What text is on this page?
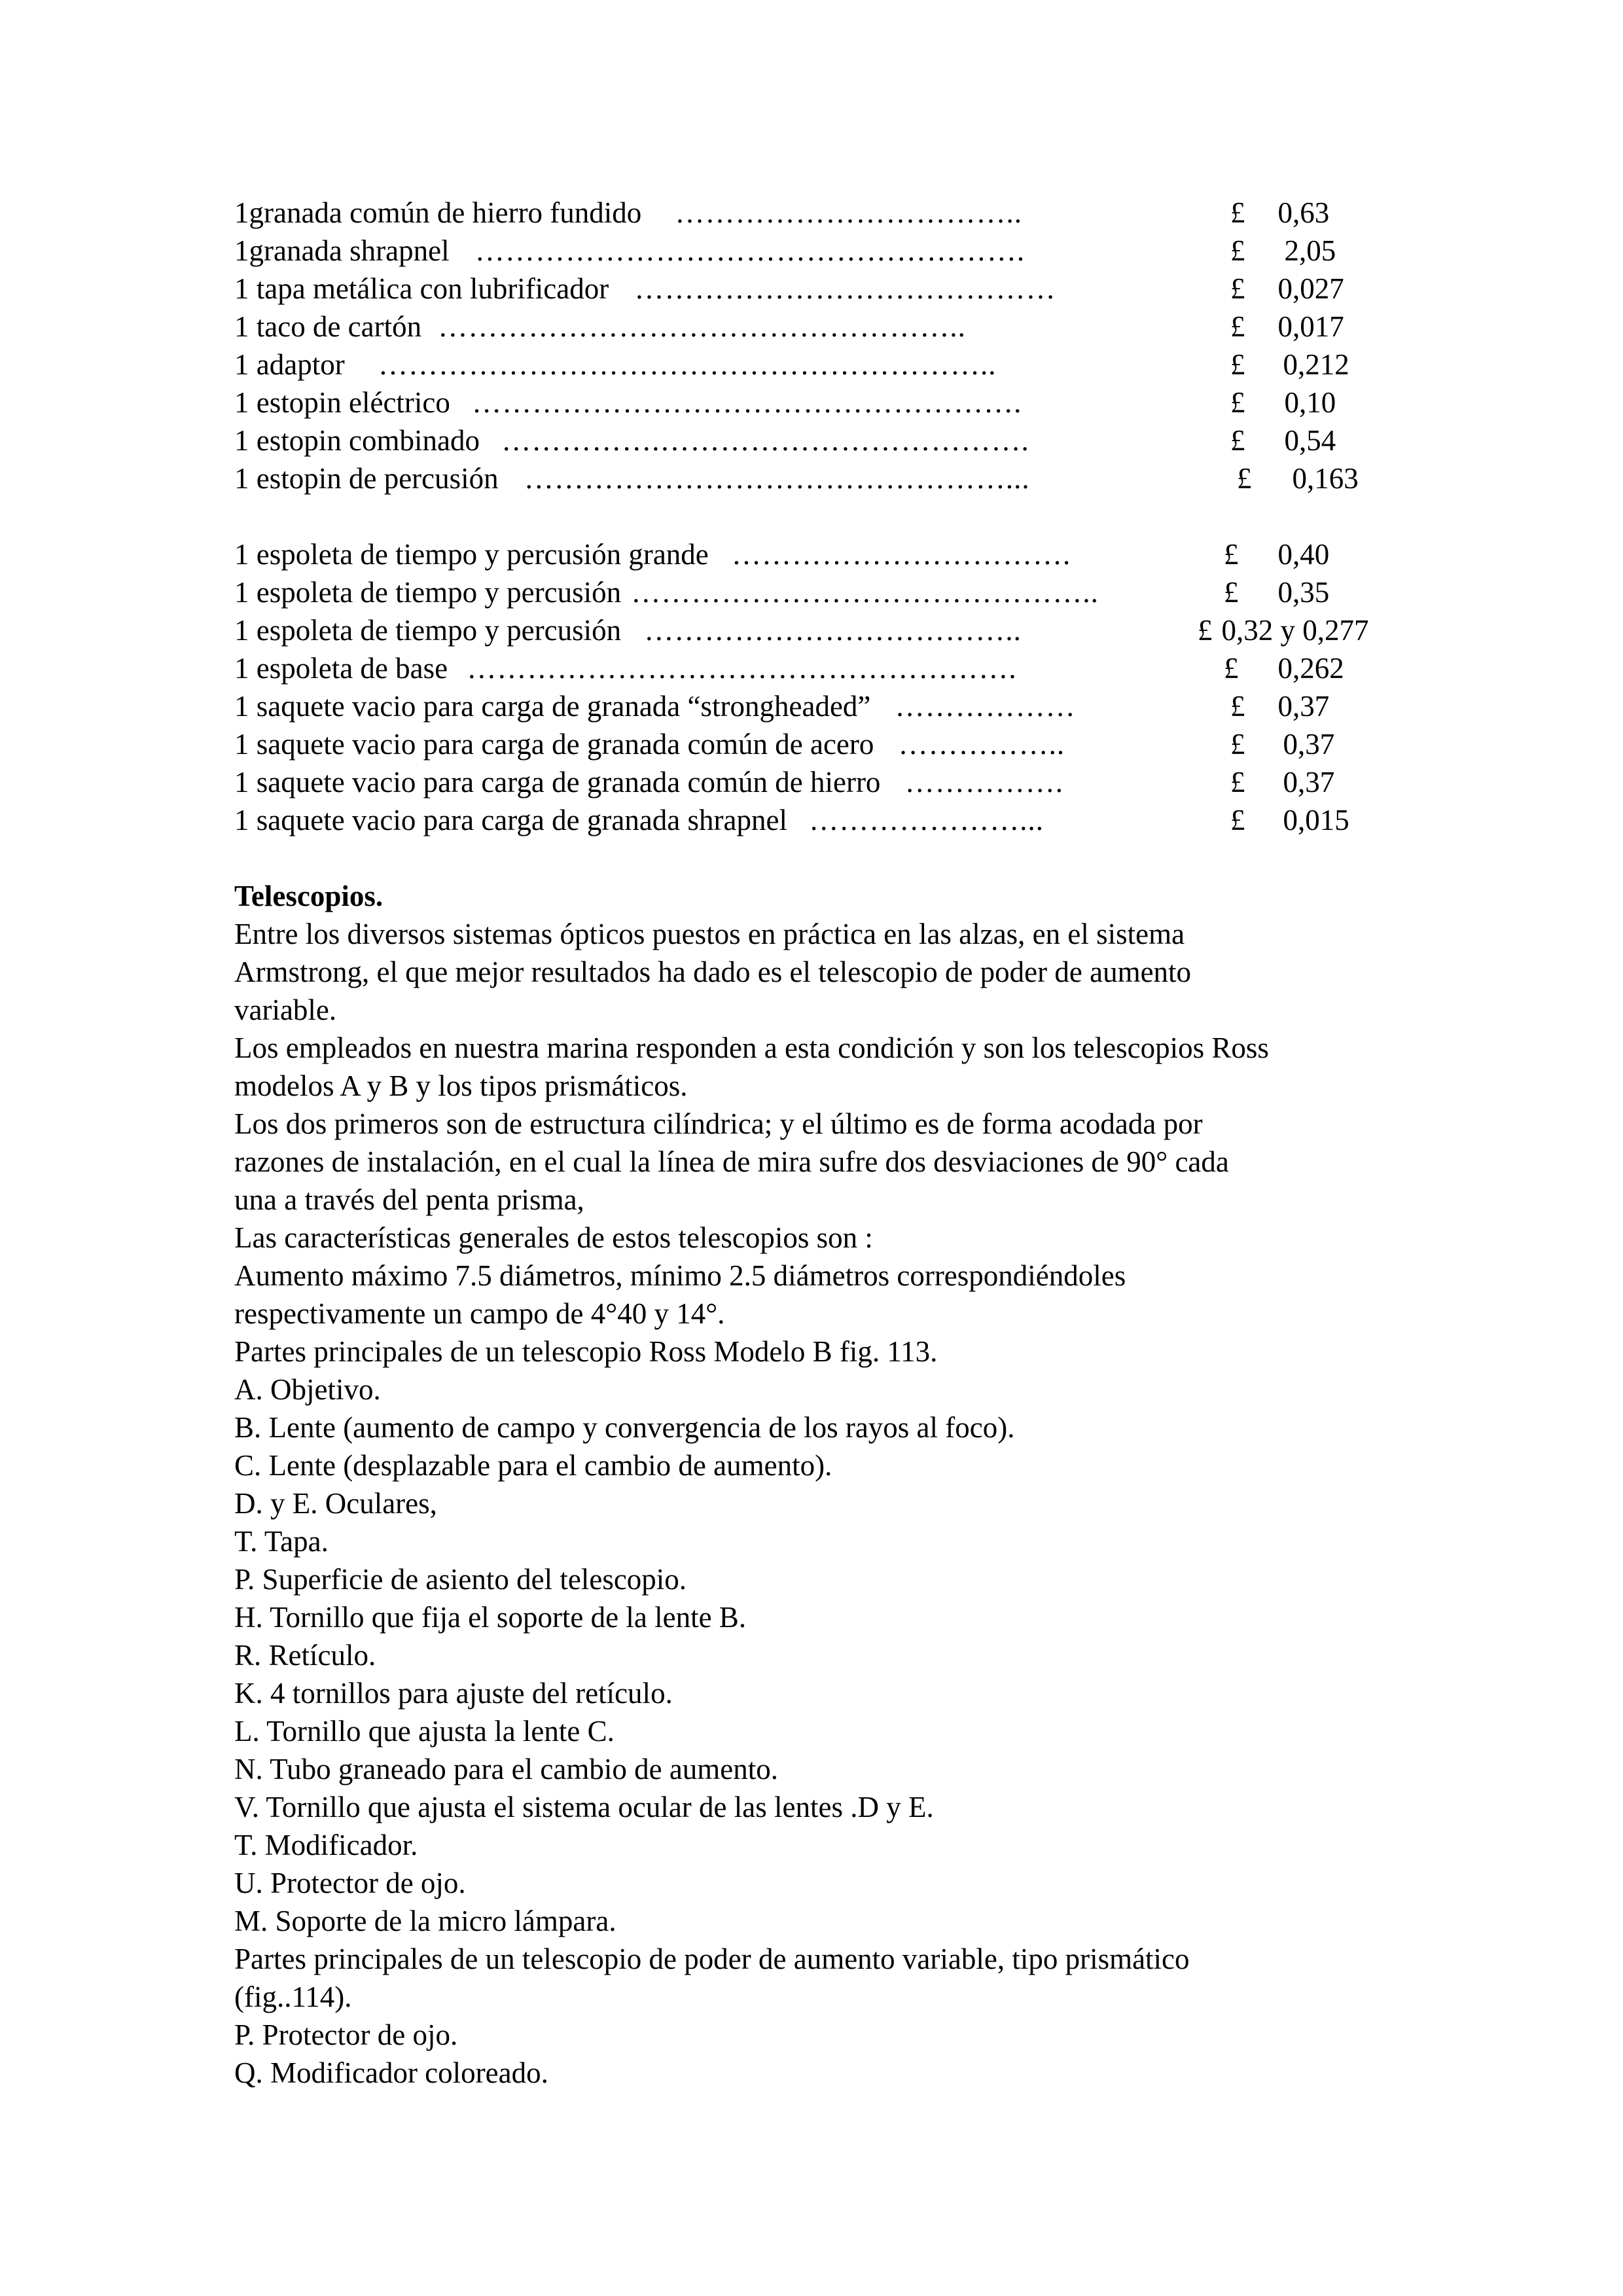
1granada común de hierro fundido ……………………………..	£ 0,63
1granada shrapnel ……………………………………………….	£ 2,05
1 tapa metálica con lubrificador ……………………………………	£ 0,027
1 taco de cartón ……………………………………………..	£ 0,017
1 adaptor ……………………………………………………..	£ 0,212
1 estopin eléctrico ……………………………………………….	£ 0,10
1 estopin combinado …………….……………………………….	£ 0,54
1 estopin de percusión …………………………………………...	£ 0,163
1 espoleta de tiempo y percusión grande …………………………….	£ 0,40
1 espoleta de tiempo y percusión ………………………………………..	£ 0,35
1 espoleta de tiempo y percusión ………………………………..	£ 0,32 y 0,277
1 espoleta de base ……………………………………………….	£ 0,262
1 saquete vacio para carga de granada “strongheaded” ………………	£ 0,37
1 saquete vacio para carga de granada común de acero ……………..	£ 0,37
1 saquete vacio para carga de granada común de hierro …………….	£ 0,37
1 saquete vacio para carga de granada shrapnel …………………...	£ 0,015
Telescopios.
Entre los diversos sistemas ópticos puestos en práctica en las alzas, en el sistema
Armstrong, el que mejor resultados ha dado es el telescopio de poder de aumento
variable.
Los empleados en nuestra marina responden a esta condición y son los telescopios Ross
modelos A y B y los tipos prismáticos.
Los dos primeros son de estructura cilíndrica; y el último es de forma acodada por
razones de instalación, en el cual la línea de mira sufre dos desviaciones de 90° cada
una a través del penta prisma,
Las características generales de estos telescopios son :
Aumento máximo 7.5 diámetros, mínimo 2.5 diámetros correspondiéndoles
respectivamente un campo de 4°40 y 14°.
Partes principales de un telescopio Ross Modelo B fig. 113.
A. Objetivo.
B. Lente (aumento de campo y convergencia de los rayos al foco).
C. Lente (desplazable para el cambio de aumento).
D. y E. Oculares,
T. Tapa.
P. Superficie de asiento del telescopio.
H. Tornillo que fija el soporte de la lente B.
R. Retículo.
K. 4 tornillos para ajuste del retículo.
L. Tornillo que ajusta la lente C.
N. Tubo graneado para el cambio de aumento.
V. Tornillo que ajusta el sistema ocular de las lentes .D y E.
T. Modificador.
U. Protector de ojo.
M. Soporte de la micro lámpara.
Partes principales de un telescopio de poder de aumento variable, tipo prismático
(fig..114).
P. Protector de ojo.
Q. Modificador coloreado.
